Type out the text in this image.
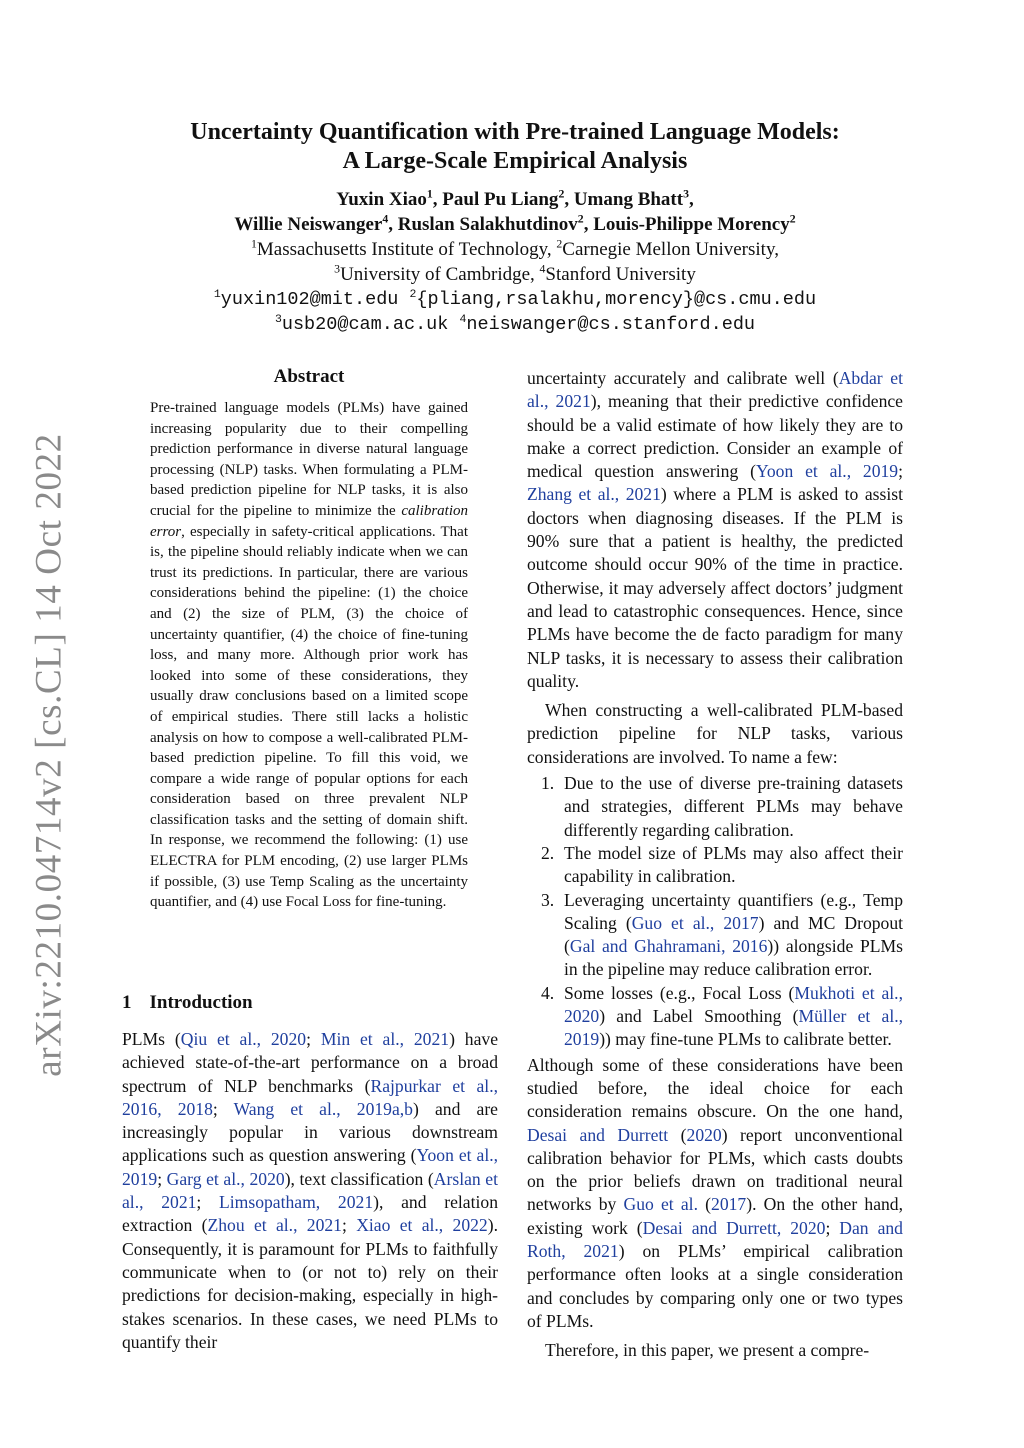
arXiv:2210.04714v2 [cs.CL] 14 Oct 2022
Uncertainty Quantification with Pre-trained Language Models:
A Large-Scale Empirical Analysis
Yuxin Xiao$^1$, Paul Pu Liang$^2$, Umang Bhatt$^3$,
Willie Neiswanger$^4$, Ruslan Salakhutdinov$^2$, Louis-Philippe Morency$^2$
$^1$Massachusetts Institute of Technology, $^2$Carnegie Mellon University,
$^3$University of Cambridge, $^4$Stanford University
$^1$yuxin102@mit.edu $^2${pliang,rsalakhu,morency}@cs.cmu.edu
$^3$usb20@cam.ac.uk $^4$neiswanger@cs.stanford.edu
Abstract

Pre-trained language models (PLMs) have gained increasing popularity due to their compelling prediction performance in diverse natural language processing (NLP) tasks. When formulating a PLM-based prediction pipeline for NLP tasks, it is also crucial for the pipeline to minimize the calibration error, especially in safety-critical applications. That is, the pipeline should reliably indicate when we can trust its predictions. In particular, there are various considerations behind the pipeline: (1) the choice and (2) the size of PLM, (3) the choice of uncertainty quantifier, (4) the choice of fine-tuning loss, and many more. Although prior work has looked into some of these considerations, they usually draw conclusions based on a limited scope of empirical studies. There still lacks a holistic analysis on how to compose a well-calibrated PLM-based prediction pipeline. To fill this void, we compare a wide range of popular options for each consideration based on three prevalent NLP classification tasks and the setting of domain shift. In response, we recommend the following: (1) use ELECTRA for PLM encoding, (2) use larger PLMs if possible, (3) use Temp Scaling as the uncertainty quantifier, and (4) use Focal Loss for fine-tuning.

1 Introduction

PLMs (Qiu et al., 2020; Min et al., 2021) have achieved state-of-the-art performance on a broad spectrum of NLP benchmarks (Rajpurkar et al., 2016, 2018; Wang et al., 2019a,b) and are increasingly popular in various downstream applications such as question answering (Yoon et al., 2019; Garg et al., 2020), text classification (Arslan et al., 2021; Limsopatham, 2021), and relation extraction (Zhou et al., 2021; Xiao et al., 2022). Consequently, it is paramount for PLMs to faithfully communicate when to (or not to) rely on their predictions for decision-making, especially in high-stakes scenarios. In these cases, we need PLMs to quantify their

uncertainty accurately and calibrate well (Abdar et al., 2021), meaning that their predictive confidence should be a valid estimate of how likely they are to make a correct prediction. Consider an example of medical question answering (Yoon et al., 2019; Zhang et al., 2021) where a PLM is asked to assist doctors when diagnosing diseases. If the PLM is 90% sure that a patient is healthy, the predicted outcome should occur 90% of the time in practice. Otherwise, it may adversely affect doctors’ judgment and lead to catastrophic consequences. Hence, since PLMs have become the de facto paradigm for many NLP tasks, it is necessary to assess their calibration quality.

When constructing a well-calibrated PLM-based prediction pipeline for NLP tasks, various considerations are involved. To name a few:

1. Due to the use of diverse pre-training datasets and strategies, different PLMs may behave differently regarding calibration.
2. The model size of PLMs may also affect their capability in calibration.
3. Leveraging uncertainty quantifiers (e.g., Temp Scaling (Guo et al., 2017) and MC Dropout (Gal and Ghahramani, 2016)) alongside PLMs in the pipeline may reduce calibration error.
4. Some losses (e.g., Focal Loss (Mukhoti et al., 2020) and Label Smoothing (Müller et al., 2019)) may fine-tune PLMs to calibrate better.

Although some of these considerations have been studied before, the ideal choice for each consideration remains obscure. On the one hand, Desai and Durrett (2020) report unconventional calibration behavior for PLMs, which casts doubts on the prior beliefs drawn on traditional neural networks by Guo et al. (2017). On the other hand, existing work (Desai and Durrett, 2020; Dan and Roth, 2021) on PLMs’ empirical calibration performance often looks at a single consideration and concludes by comparing only one or two types of PLMs.

Therefore, in this paper, we present a compre-
